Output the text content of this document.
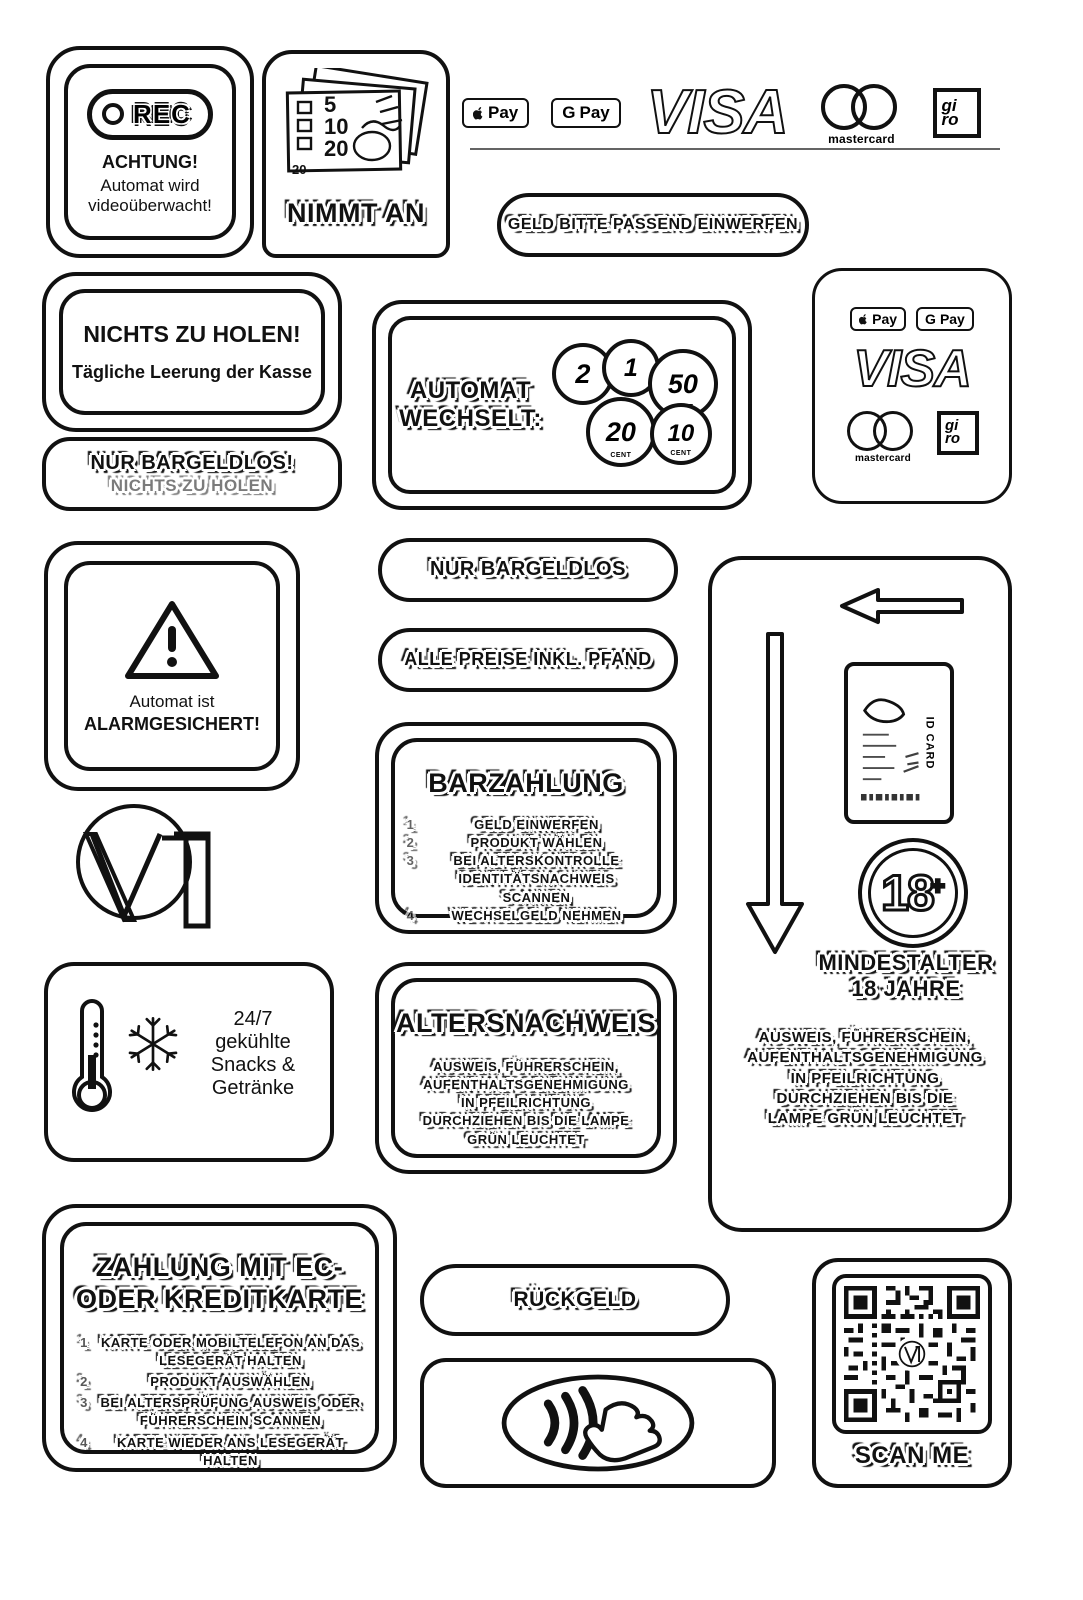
REC
ACHTUNG!
Automat wird
videoüberwacht!
5
10
20
20
NIMMT AN
Pay	G Pay VISA	mastercard
gi
ro
GELD BITTE PASSEND EINWERFEN
NICHTS ZU HOLEN!
Tägliche Leerung der Kasse
NUR BARGELDLOS!
NICHTS ZU HOLEN
Automat ist
ALARMGESICHERT!
24/7
gekühlte
Snacks & Getränke
ZAHLUNG MIT EC-
ODER KREDITKARTE
1 KARTE ODER MOBILTELEFON AN DAS LESEGERÄT HALTEN
2	PRODUKT AUSWÄHLEN
3 BEI ALTERSPRÜFUNG AUSWEIS ODER FÜHRERSCHEIN SCANNEN
4	KARTE WIEDER ANS LESEGERÄT HALTEN
AUTOMAT
WECHSELT:
2 1
50
20
CENT
10
CENT
NUR BARGELDLOS
ALLE PREISE INKL. PFAND
BARZAHLUNG
1	GELD EINWERFEN
2	PRODUKT WÄHLEN
3	BEI ALTERSKONTROLLE IDENTITÄTSNACHWEIS SCANNEN
4	WECHSELGELD NEHMEN
ALTERSNACHWEIS
AUSWEIS, FÜHRERSCHEIN,
AUFENTHALTSGENEHMIGUNG
IN PFEILRICHTUNG
DURCHZIEHEN BIS DIE LAMPE
GRÜN LEUCHTET
Pay G Pay
VISA
mastercard
gi
ro
ID CARD
18
+
MINDESTALTER
18 JAHRE
AUSWEIS, FÜHRERSCHEIN,
AUFENTHALTSGENEHMIGUNG
IN PFEILRICHTUNG
DURCHZIEHEN BIS DIE
LAMPE GRÜN LEUCHTET
RÜCKGELD
SCAN ME
